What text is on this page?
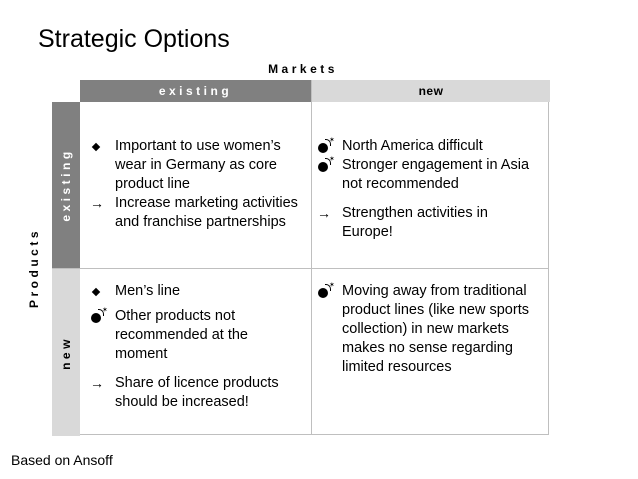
Strategic Options
Markets
Products
existing	new
existing
new
Important to use women’s wear in Germany as core product line
→ Increase marketing activities and franchise partnerships
✶ North America difficult
✶ Stronger engagement in Asia not recommended
→ Strengthen activities in Europe!
Men’s line
✶ Other products not recommended at the moment
→ Share of licence products should be increased!
✶ Moving away from traditional product lines (like new sports collection) in new markets makes no sense regarding limited resources
Based on Ansoff
